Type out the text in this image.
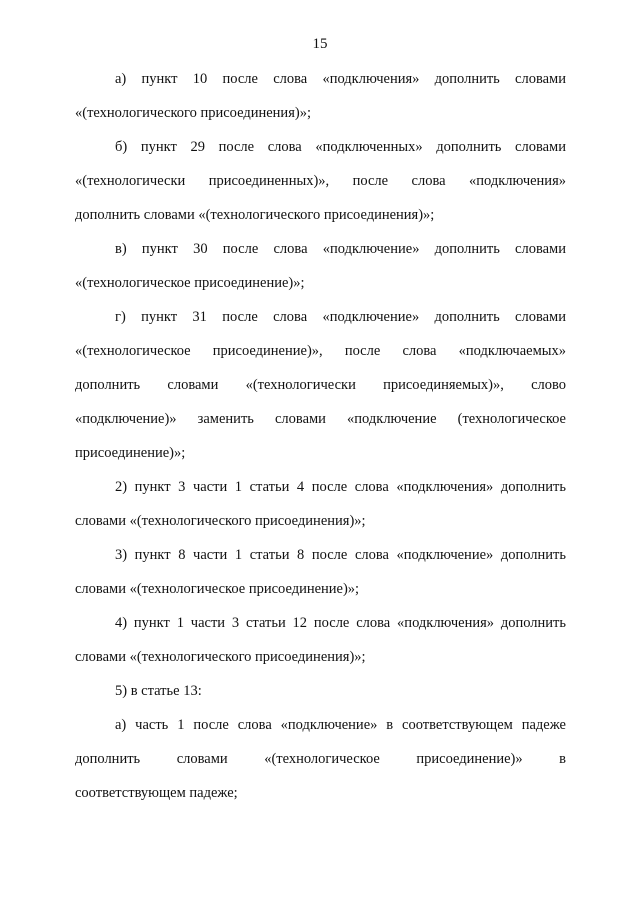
15
а) пункт 10 после слова «подключения» дополнить словами
«(технологического присоединения)»;
б) пункт 29 после слова «подключенных» дополнить словами
«(технологически присоединенных)», после слова «подключения»
дополнить словами «(технологического присоединения)»;
в) пункт 30 после слова «подключение» дополнить словами
«(технологическое присоединение)»;
г) пункт 31 после слова «подключение» дополнить словами
«(технологическое присоединение)», после слова «подключаемых»
дополнить словами «(технологически присоединяемых)», слово
«подключение)» заменить словами «подключение (технологическое
присоединение)»;
2) пункт 3 части 1 статьи 4 после слова «подключения» дополнить
словами «(технологического присоединения)»;
3) пункт 8 части 1 статьи 8 после слова «подключение» дополнить
словами «(технологическое присоединение)»;
4) пункт 1 части 3 статьи 12 после слова «подключения» дополнить
словами «(технологического присоединения)»;
5) в статье 13:
а) часть 1 после слова «подключение» в соответствующем падеже
дополнить словами «(технологическое присоединение)» в
соответствующем падеже;
